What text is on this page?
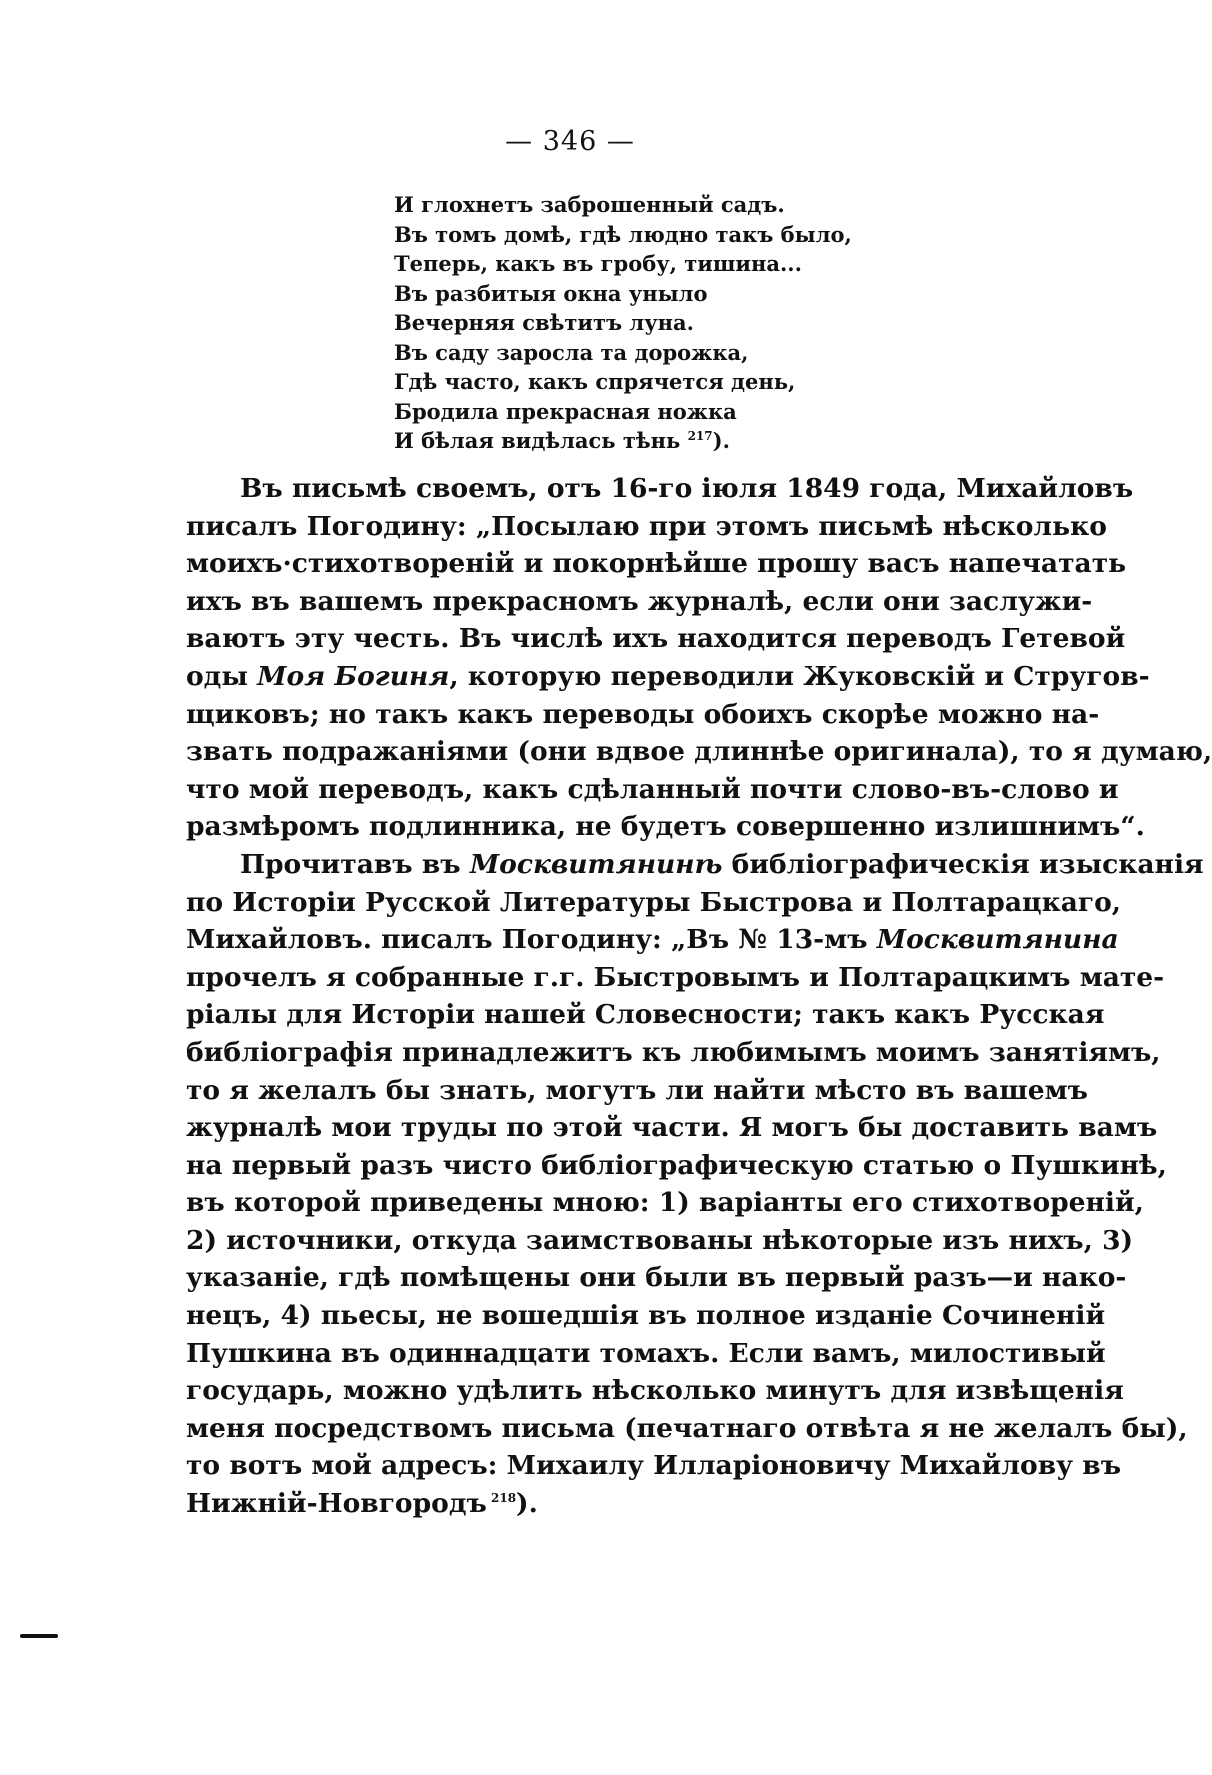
— 346 —
И глохнетъ заброшенный садъ.
Въ томъ домѣ, гдѣ людно такъ было,
Теперь, какъ въ гробу, тишина...
Въ разбитыя окна уныло
Вечерняя свѣтитъ луна.
Въ саду заросла та дорожка,
Гдѣ часто, какъ спрячется день,
Бродила прекрасная ножка
И бѣлая видѣлась тѣнь $^{217}$).
Въ письмѣ своемъ, отъ 16-го іюля 1849 года, Михайловъ
писалъ Погодину: „Посылаю при этомъ письмѣ нѣсколько
моихъ·стихотвореній и покорнѣйше прошу васъ напечатать
ихъ въ вашемъ прекрасномъ журналѣ, если они заслужи-
ваютъ эту честь. Въ числѣ ихъ находится переводъ Гетевой
оды Моя Богиня, которую переводили Жуковскій и Стругов-
щиковъ; но такъ какъ переводы обоихъ скорѣе можно на-
звать подражаніями (они вдвое длиннѣе оригинала), то я думаю,
что мой переводъ, какъ сдѣланный почти слово-въ-слово и
размѣромъ подлинника, не будетъ совершенно излишнимъ“.
Прочитавъ въ Москвитянинѣ библіографическія изысканія
по Исторіи Русской Литературы Быстрова и Полтарацкаго,
Михайловъ. писалъ Погодину: „Въ № 13-мъ Москвитянина
прочелъ я собранные г.г. Быстровымъ и Полтарацкимъ мате-
ріалы для Исторіи нашей Словесности; такъ какъ Русская
библіографія принадлежитъ къ любимымъ моимъ занятіямъ,
то я желалъ бы знать, могутъ ли найти мѣсто въ вашемъ
журналѣ мои труды по этой части. Я могъ бы доставить вамъ
на первый разъ чисто библіографическую статью о Пушкинѣ,
въ которой приведены мною: 1) варіанты его стихотвореній,
2) источники, откуда заимствованы нѣкоторые изъ нихъ, 3)
указаніе, гдѣ помѣщены они были въ первый разъ—и нако-
нецъ, 4) пьесы, не вошедшія въ полное изданіе Сочиненій
Пушкина въ одиннадцати томахъ. Если вамъ, милостивый
государь, можно удѣлить нѣсколько минутъ для извѣщенія
меня посредствомъ письма (печатнаго отвѣта я не желалъ бы),
то вотъ мой адресъ: Михаилу Илларіоновичу Михайлову въ
Нижній-Новгородъ $^{218}$).
